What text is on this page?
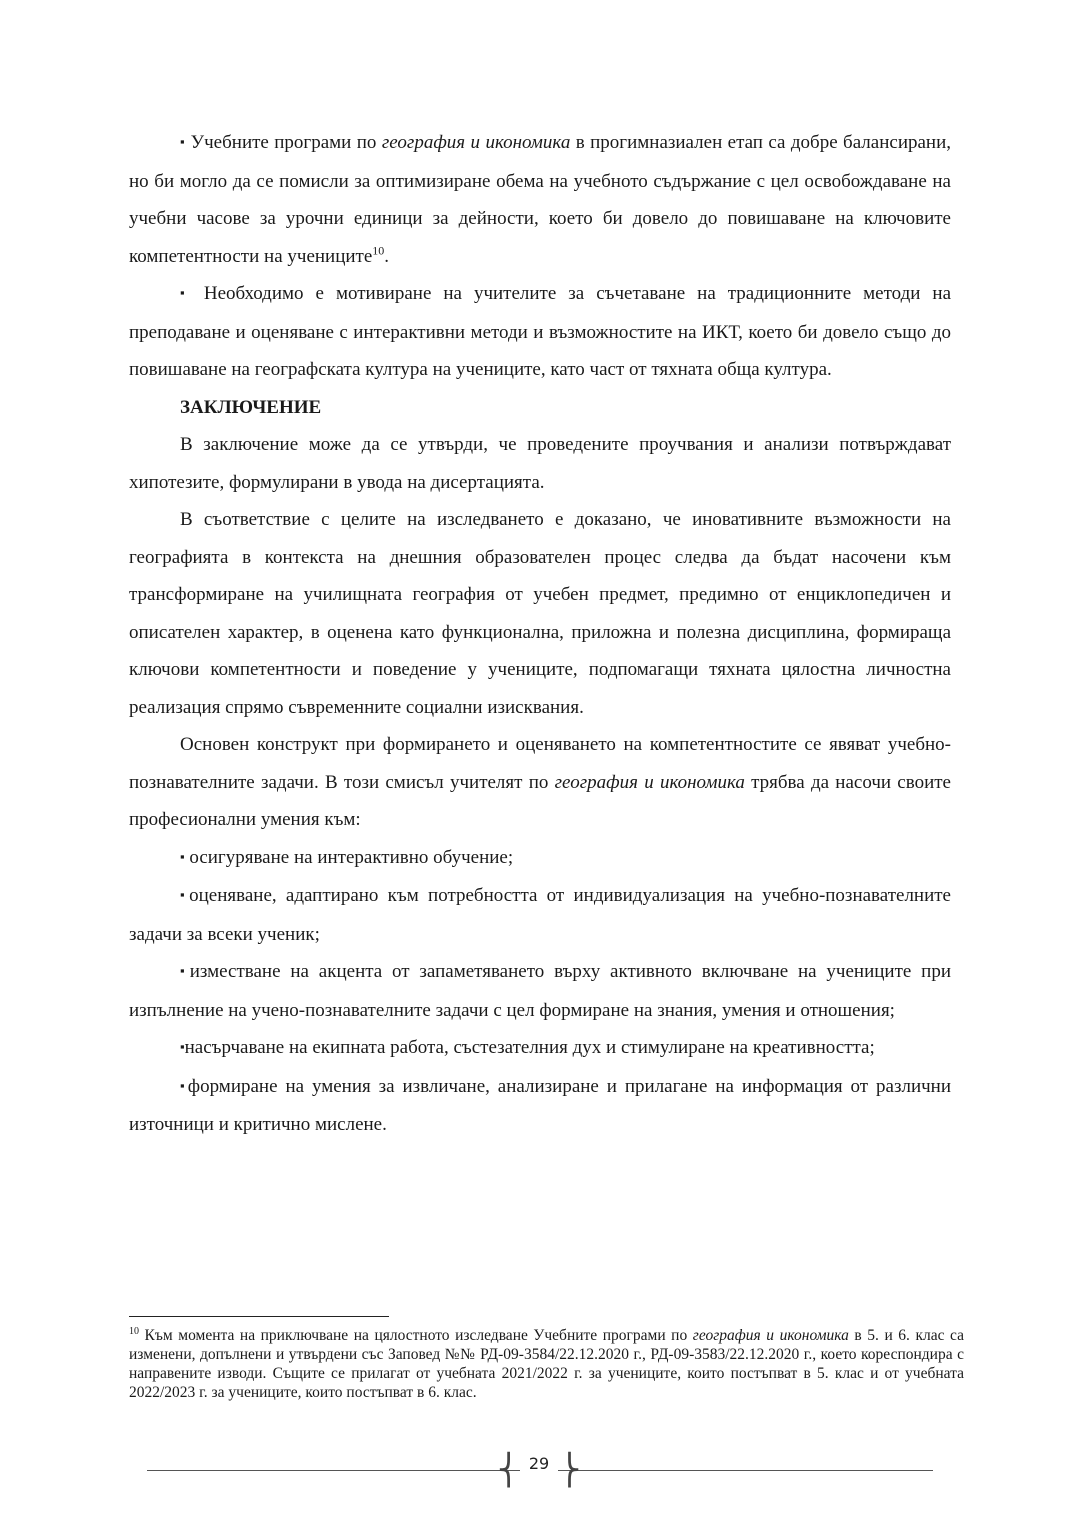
▪ Учебните програми по география и икономика в прогимназиален етап са добре балансирани, но би могло да се помисли за оптимизиране обема на учебното съдържание с цел освобождаване на учебни часове за урочни единици за дейности, което би довело до повишаване на ключовите компетентности на учениците$^{10}$.

▪ Необходимо е мотивиране на учителите за съчетаване на традиционните методи на преподаване и оценяване с интерактивни методи и възможностите на ИКТ, което би довело също до повишаване на географската култура на учениците, като част от тяхната обща култура.

ЗАКЛЮЧЕНИЕ

В заключение може да се утвърди, че проведените проучвания и анализи потвърждават хипотезите, формулирани в увода на дисертацията.

В съответствие с целите на изследването е доказано, че иновативните възможности на географията в контекста на днешния образователен процес следва да бъдат насочени към трансформиране на училищната география от учебен предмет, предимно от енциклопедичен и описателен характер, в оценена като функционална, приложна и полезна дисциплина, формираща ключови компетентности и поведение у учениците, подпомагащи тяхната цялостна личностна реализация спрямо съвременните социални изисквания.

Основен конструкт при формирането и оценяването на компетентностите се явяват учебно-познавателните задачи. В този смисъл учителят по география и икономика трябва да насочи своите професионални умения към:

▪ осигуряване на интерактивно обучение;

▪оценяване, адаптирано към потребността от индивидуализация на учебно-познавателните задачи за всеки ученик;

▪изместване на акцента от запаметяването върху активното включване на учениците при изпълнение на учено-познавателните задачи с цел формиране на знания, умения и отношения;

▪насърчаване на екипната работа, състезателния дух и стимулиране на креативността;

▪формиране на умения за извличане, анализиране и прилагане на информация от различни източници и критично мислене.

$^{10}$ Към момента на приключване на цялостното изследване Учебните програми по география и икономика в 5. и 6. клас са изменени, допълнени и утвърдени със Заповед №№ РД-09-3584/22.12.2020 г., РД-09-3583/22.12.2020 г., което кореспондира с направените изводи. Същите се прилагат от учебната 2021/2022 г. за учениците, които постъпват в 5. клас и от учебната 2022/2023 г. за учениците, които постъпват в 6. клас.
⎨ 29 ⎬
